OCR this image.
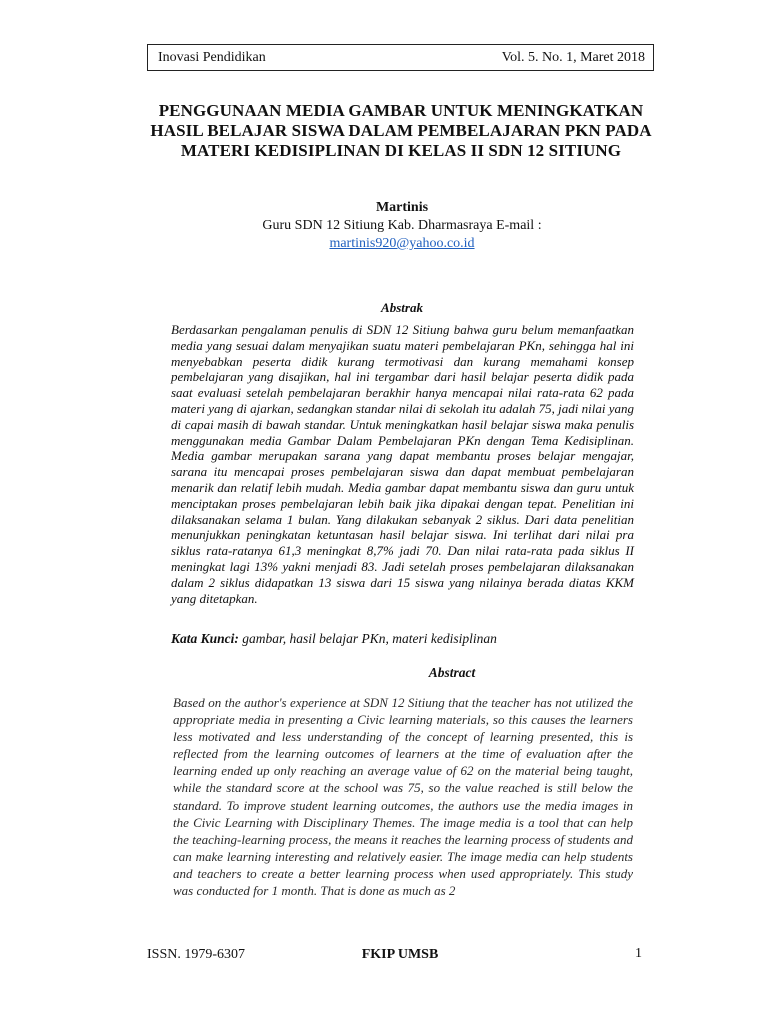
Inovasi Pendidikan	Vol. 5. No. 1, Maret 2018
PENGGUNAAN MEDIA GAMBAR UNTUK MENINGKATKAN HASIL BELAJAR SISWA DALAM PEMBELAJARAN PKN PADA MATERI KEDISIPLINAN DI KELAS II SDN 12 SITIUNG
Martinis
Guru SDN 12 Sitiung Kab. Dharmasraya E-mail :
martinis920@yahoo.co.id
Abstrak

Berdasarkan pengalaman penulis di SDN 12 Sitiung bahwa guru belum memanfaatkan media yang sesuai dalam menyajikan suatu materi pembelajaran PKn, sehingga hal ini menyebabkan peserta didik kurang termotivasi dan kurang memahami konsep pembelajaran yang disajikan, hal ini tergambar dari hasil belajar peserta didik pada saat evaluasi setelah pembelajaran berakhir hanya mencapai nilai rata-rata 62 pada materi yang di ajarkan, sedangkan standar nilai di sekolah itu adalah 75, jadi nilai yang di capai masih di bawah standar. Untuk meningkatkan hasil belajar siswa maka penulis menggunakan media Gambar Dalam Pembelajaran PKn dengan Tema Kedisiplinan. Media gambar merupakan sarana yang dapat membantu proses belajar mengajar, sarana itu mencapai proses pembelajaran siswa dan dapat membuat pembelajaran menarik dan relatif lebih mudah. Media gambar dapat membantu siswa dan guru untuk menciptakan proses pembelajaran lebih baik jika dipakai dengan tepat. Penelitian ini dilaksanakan selama 1 bulan. Yang dilakukan sebanyak 2 siklus. Dari data penelitian menunjukkan peningkatan ketuntasan hasil belajar siswa. Ini terlihat dari nilai pra siklus rata-ratanya 61,3 meningkat 8,7% jadi 70. Dan nilai rata-rata pada siklus II meningkat lagi 13% yakni menjadi 83. Jadi setelah proses pembelajaran dilaksanakan dalam 2 siklus didapatkan 13 siswa dari 15 siswa yang nilainya berada diatas KKM yang ditetapkan.

Kata Kunci: gambar, hasil belajar PKn, materi kedisiplinan
Abstract

Based on the author's experience at SDN 12 Sitiung that the teacher has not utilized the appropriate media in presenting a Civic learning materials, so this causes the learners less motivated and less understanding of the concept of learning presented, this is reflected from the learning outcomes of learners at the time of evaluation after the learning ended up only reaching an average value of 62 on the material being taught, while the standard score at the school was 75, so the value reached is still below the standard. To improve student learning outcomes, the authors use the media images in the Civic Learning with Disciplinary Themes. The image media is a tool that can help the teaching-learning process, the means it reaches the learning process of students and can make learning interesting and relatively easier. The image media can help students and teachers to create a better learning process when used appropriately. This study was conducted for 1 month. That is done as much as 2

ISSN. 1979-6307	FKIP UMSB	1
